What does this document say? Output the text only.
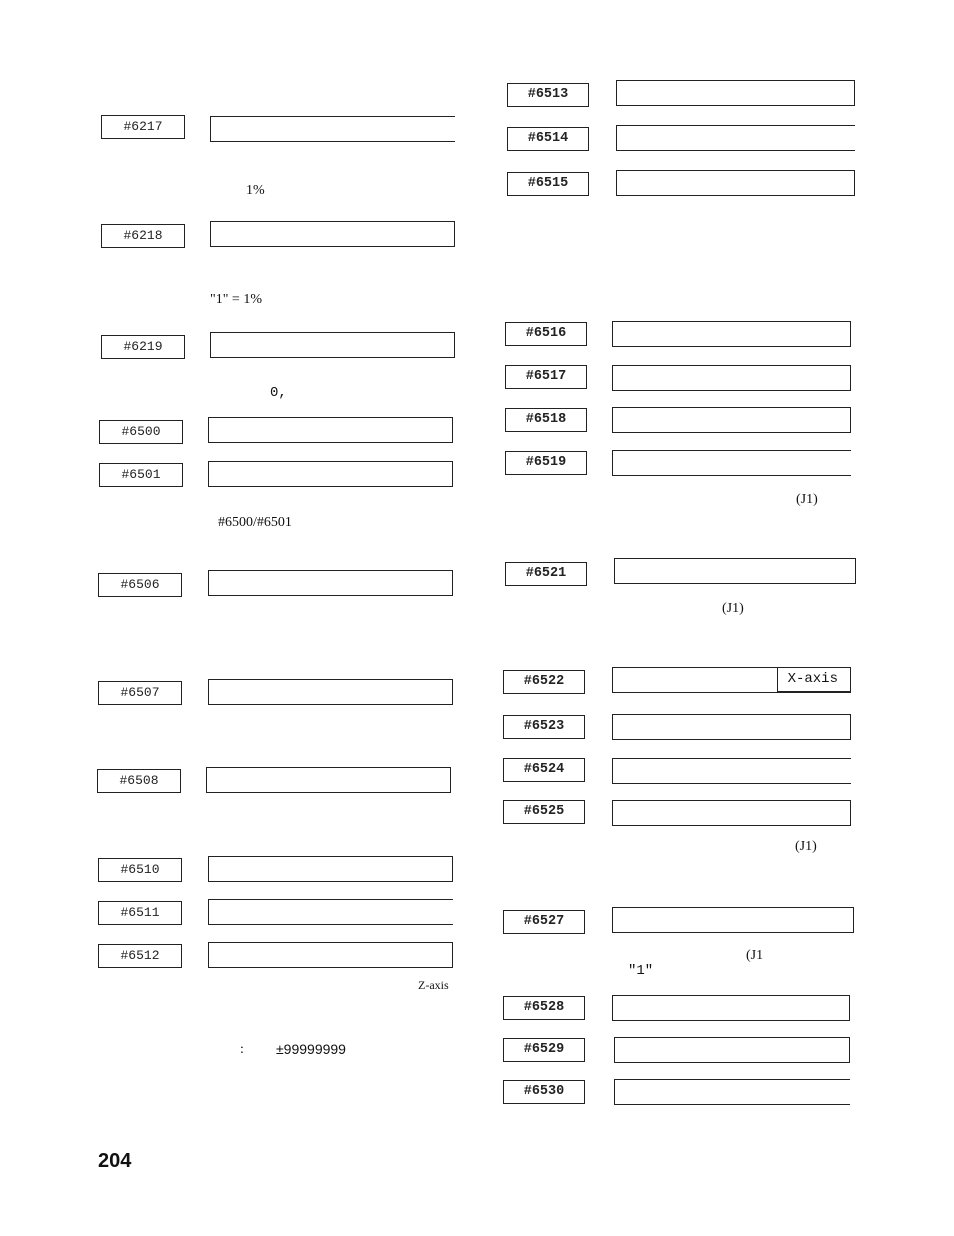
#6217
1%
#6218
"1" = 1%
#6219
0,
#6500
#6501
#6500/#6501
#6506
#6507
#6508
#6510
#6511
#6512
Z-axis
: ±99999999
#6513
#6514
#6515
#6516
#6517
#6518
#6519
(J1)
#6521
(J1)
#6522	X-axis
#6523
#6524
#6525
(J1)
#6527
(J1
"1"
#6528
#6529
#6530
204
